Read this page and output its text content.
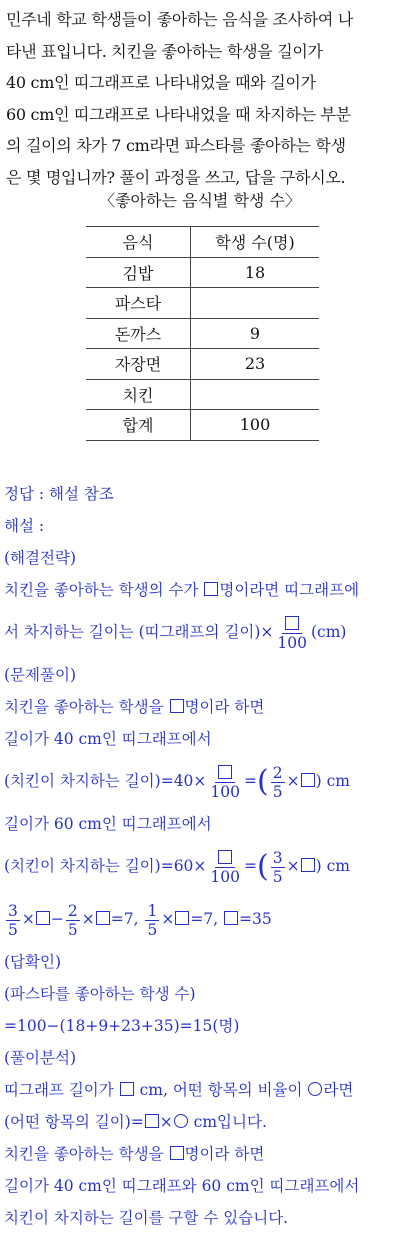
민주네 학교 학생들이 좋아하는 음식을 조사하여 나
타낸 표입니다. 치킨을 좋아하는 학생을 길이가
40 cm인 띠그래프로 나타내었을 때와 길이가
60 cm인 띠그래프로 나타내었을 때 차지하는 부분
의 길이의 차가 7 cm라면 파스타를 좋아하는 학생
은 몇 명입니까? 풀이 과정을 쓰고, 답을 구하시오.
〈좋아하는 음식별 학생 수〉
음식	학생 수(명)
김밥	18
파스타	
돈까스	9
자장면	23
치킨	
합계	100
정답 : 해설 참조
해설 :
(해결전략)
치킨을 좋아하는 학생의 수가 명이라면 띠그래프에
서 차지하는 길이는 (띠그래프의 길이)×
100
(cm)
(문제풀이)
치킨을 좋아하는 학생을 명이라 하면
길이가 40 cm인 띠그래프에서
(치킨이 차지하는 길이)=40×
100
=( $\frac{2}{5}$ × ) cm
길이가 60 cm인 띠그래프에서
(치킨이 차지하는 길이)=60×
100
=( $\frac{3}{5}$ × ) cm
$\frac{3}{5}$ × − $\frac{2}{5} \times =7$, $\frac{1}{5} \times =7$, =35
(답확인)
(파스타를 좋아하는 학생 수)
=100−(18+9+23+35)=15(명)
(풀이분석)
띠그래프 길이가  cm, 어떤 항목의 비율이 라면
(어떤 항목의 길이)= × cm입니다.
치킨을 좋아하는 학생을 명이라 하면
길이가 40 cm인 띠그래프와 60 cm인 띠그래프에서
치킨이 차지하는 길이를 구할 수 있습니다.
